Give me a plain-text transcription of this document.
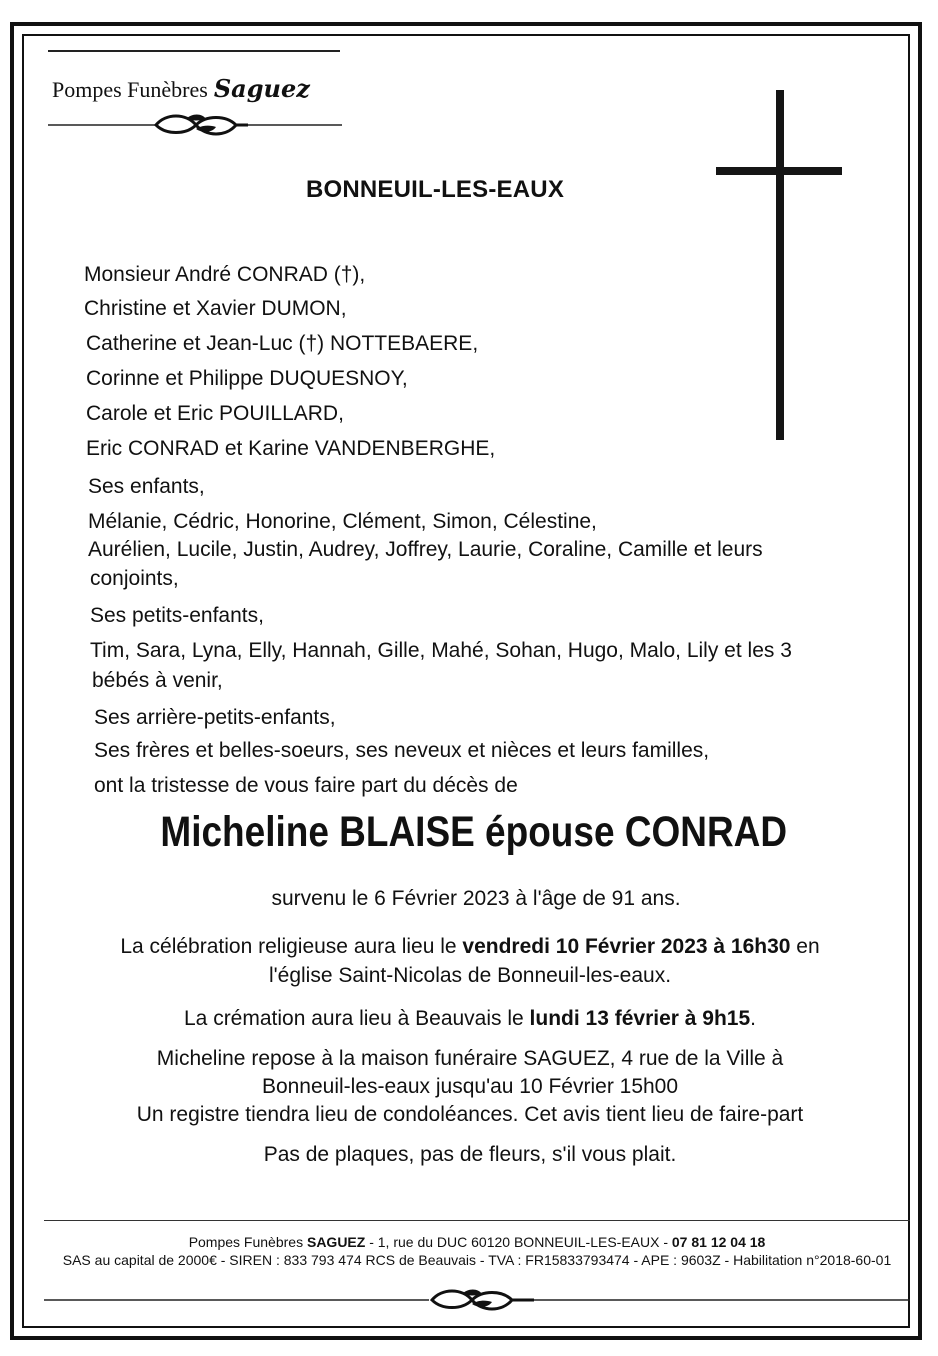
Pompes Funèbres Saguez
BONNEUIL-LES-EAUX
Monsieur André CONRAD (†),
Christine et Xavier DUMON,
Catherine et Jean-Luc (†) NOTTEBAERE,
Corinne et Philippe DUQUESNOY,
Carole et Eric POUILLARD,
Eric CONRAD et Karine VANDENBERGHE,
Ses enfants,
Mélanie, Cédric, Honorine, Clément, Simon, Célestine,
Aurélien, Lucile, Justin, Audrey, Joffrey, Laurie, Coraline, Camille et leurs
conjoints,
Ses petits-enfants,
Tim, Sara, Lyna, Elly, Hannah, Gille, Mahé, Sohan, Hugo, Malo, Lily et les 3
bébés à venir,
Ses arrière-petits-enfants,
Ses frères et belles-soeurs, ses neveux et nièces et leurs familles,
ont la tristesse de vous faire part du décès de
Micheline BLAISE épouse CONRAD
survenu le 6 Février 2023 à l'âge de 91 ans.
La célébration religieuse aura lieu le vendredi 10 Février 2023 à 16h30 en
l'église Saint-Nicolas de Bonneuil-les-eaux.
La crémation aura lieu à Beauvais le lundi 13 février à 9h15.
Micheline repose à la maison funéraire SAGUEZ, 4 rue de la Ville à
Bonneuil-les-eaux jusqu'au 10 Février 15h00
Un registre tiendra lieu de condoléances. Cet avis tient lieu de faire-part
Pas de plaques, pas de fleurs, s'il vous plait.
Pompes Funèbres SAGUEZ - 1, rue du DUC 60120 BONNEUIL-LES-EAUX - 07 81 12 04 18
SAS au capital de 2000€ - SIREN : 833 793 474 RCS de Beauvais - TVA : FR15833793474 - APE : 9603Z - Habilitation n°2018-60-01
